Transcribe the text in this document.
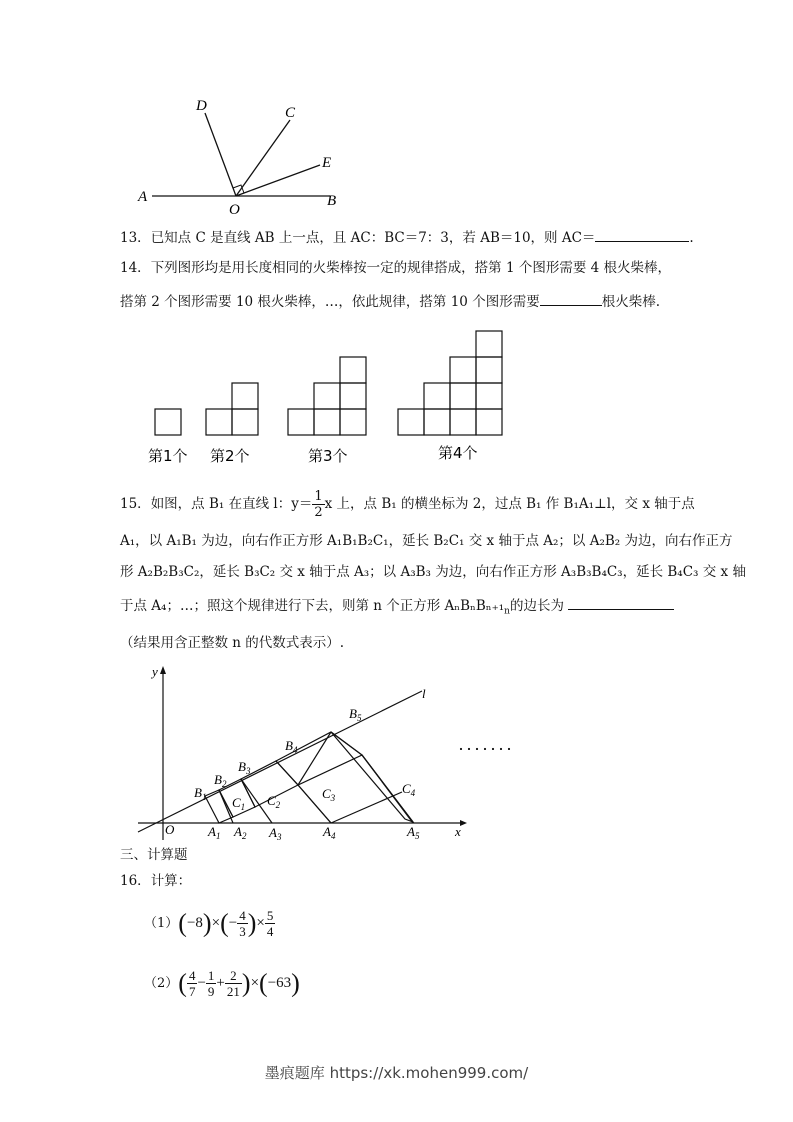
D	C
E
A
O
B
13．已知点 C 是直线 AB 上一点，且 AC：BC＝7：3，若 AB＝10，则 AC＝	.
14．下列图形均是用长度相同的火柴棒按一定的规律搭成，搭第 1 个图形需要 4 根火柴棒，
搭第 2 个图形需要 10 根火柴棒，…，依此规律，搭第 10 个图形需要	根火柴棒.
第1个 第2个	第3个	第4个
15．如图，点 B₁ 在直线 l：$y= \frac{1}{2}$ x 上，点 B₁ 的横坐标为 2，过点 B₁ 作 B₁A₁⊥l，交 x 轴于点
A₁，以 A₁B₁ 为边，向右作正方形 A₁B₁B₂C₁，延长 B₂C₁ 交 x 轴于点 A₂；以 A₂B₂ 为边，向右作正方
形 A₂B₂B₃C₂，延长 B₃C₂ 交 x 轴于点 A₃；以 A₃B₃ 为边，向右作正方形 A₃B₃B₄C₃，延长 B₄C₃ 交 x 轴
于点 A₄；…；照这个规律进行下去，则第 n 个正方形 $A_nB_nB_{n+1}_n$的边长为
（结果用含正整数 n 的代数式表示）.
y
x
O
l
$B_1$
$B_2$
$B_3$
$B_4$
$B_5$
$C_1$ $C_2$
$C_3$
$C_4$
$A_1$ $A_2$ $A_3$	$A_4$	$A_5$
·······
三、计算题
16．计算：
$(1)(-8)\times(- \frac{4}{3}$ )× $\frac{5}{4}$
$(2)( \frac{4}{7} - \frac{1}{9} + \frac{2}{21} )\times(-63)$
墨痕题库 https://xk.mohen999.com/
